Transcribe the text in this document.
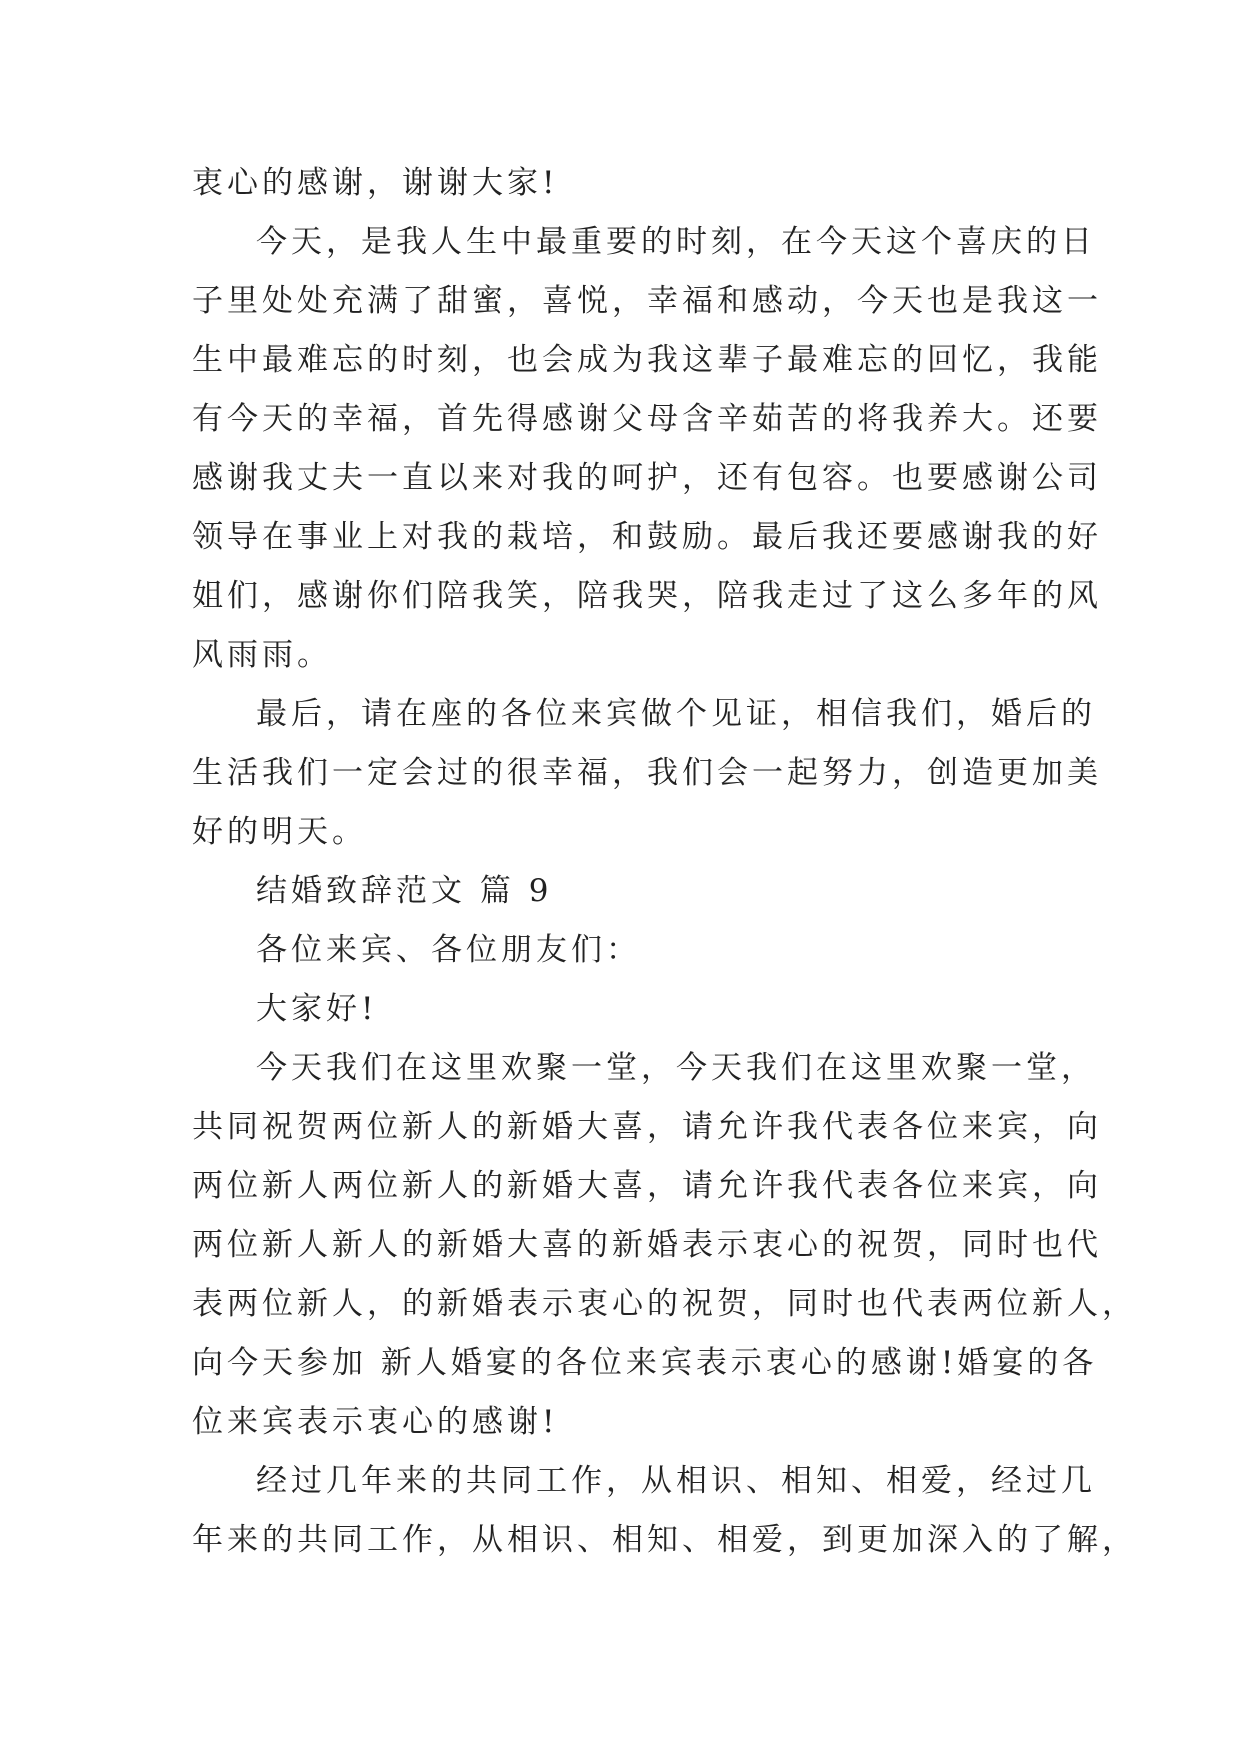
衷心的感谢，谢谢大家!
今天，是我人生中最重要的时刻，在今天这个喜庆的日
子里处处充满了甜蜜，喜悦，幸福和感动，今天也是我这一
生中最难忘的时刻，也会成为我这辈子最难忘的回忆，我能
有今天的幸福，首先得感谢父母含辛茹苦的将我养大。还要
感谢我丈夫一直以来对我的呵护，还有包容。也要感谢公司
领导在事业上对我的栽培，和鼓励。最后我还要感谢我的好
姐们，感谢你们陪我笑，陪我哭，陪我走过了这么多年的风
风雨雨。
最后，请在座的各位来宾做个见证，相信我们，婚后的
生活我们一定会过的很幸福，我们会一起努力，创造更加美
好的明天。
结婚致辞范文 篇 9
各位来宾、各位朋友们：
大家好!
今天我们在这里欢聚一堂，今天我们在这里欢聚一堂，
共同祝贺两位新人的新婚大喜，请允许我代表各位来宾，向
两位新人两位新人的新婚大喜，请允许我代表各位来宾，向
两位新人新人的新婚大喜的新婚表示衷心的祝贺，同时也代
表两位新人，的新婚表示衷心的祝贺，同时也代表两位新人，
向今天参加 新人婚宴的各位来宾表示衷心的感谢!婚宴的各
位来宾表示衷心的感谢!
经过几年来的共同工作，从相识、相知、相爱，经过几
年来的共同工作，从相识、相知、相爱，到更加深入的了解，
